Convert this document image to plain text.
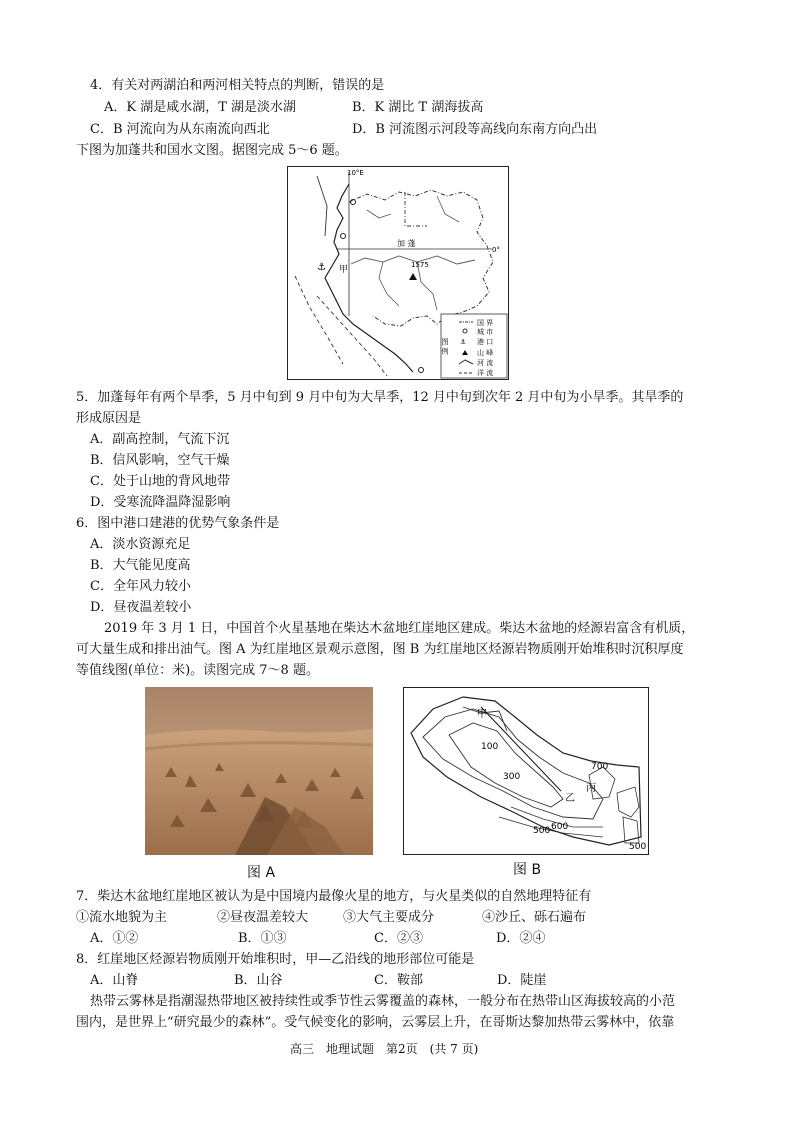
4．有关对两湖泊和两河相关特点的判断，错误的是
A．K 湖是咸水湖，T 湖是淡水湖	B．K 湖比 T 湖海拔高
C．B 河流向为从东南流向西北	D．B 河流图示河段等高线向东南方向凸出
下图为加蓬共和国水文图。据图完成 5～6 题。
⚓	1575
10°E
加 蓬
0°
甲
图 例 ⚓
国 界
城 市
港 口
山 峰
河 流
洋 流
5．加蓬每年有两个旱季，5 月中旬到 9 月中旬为大旱季，12 月中旬到次年 2 月中旬为小旱季。其旱季的
形成原因是
A．副高控制，气流下沉
B．信风影响，空气干燥
C．处于山地的背风地带
D．受寒流降温降湿影响
6．图中港口建港的优势气象条件是
A．淡水资源充足
B．大气能见度高
C．全年风力较小
D．昼夜温差较小
2019 年 3 月 1 日，中国首个火星基地在柴达木盆地红崖地区建成。柴达木盆地的烃源岩富含有机质，
可大量生成和排出油气。图 A 为红崖地区景观示意图，图 B 为红崖地区烃源岩物质刚开始堆积时沉积厚度
等值线图(单位：米)。读图完成 7～8 题。
图 A
甲
乙
丙
100
300
500 600
700
500
图 B
7．柴达木盆地红崖地区被认为是中国境内最像火星的地方，与火星类似的自然地理特征有
①流水地貌为主	②昼夜温差较大	③大气主要成分	④沙丘、砾石遍布
A．①②	B．①③	C．②③	D．②④
8．红崖地区烃源岩物质刚开始堆积时，甲—乙沿线的地形部位可能是
A．山脊	B．山谷	C．鞍部	D．陡崖
热带云雾林是指潮湿热带地区被持续性或季节性云雾覆盖的森林，一般分布在热带山区海拔较高的小范
围内，是世界上“研究最少的森林”。受气候变化的影响，云雾层上升，在哥斯达黎加热带云雾林中，依靠
高三　地理试题　第2页　(共 7 页)
